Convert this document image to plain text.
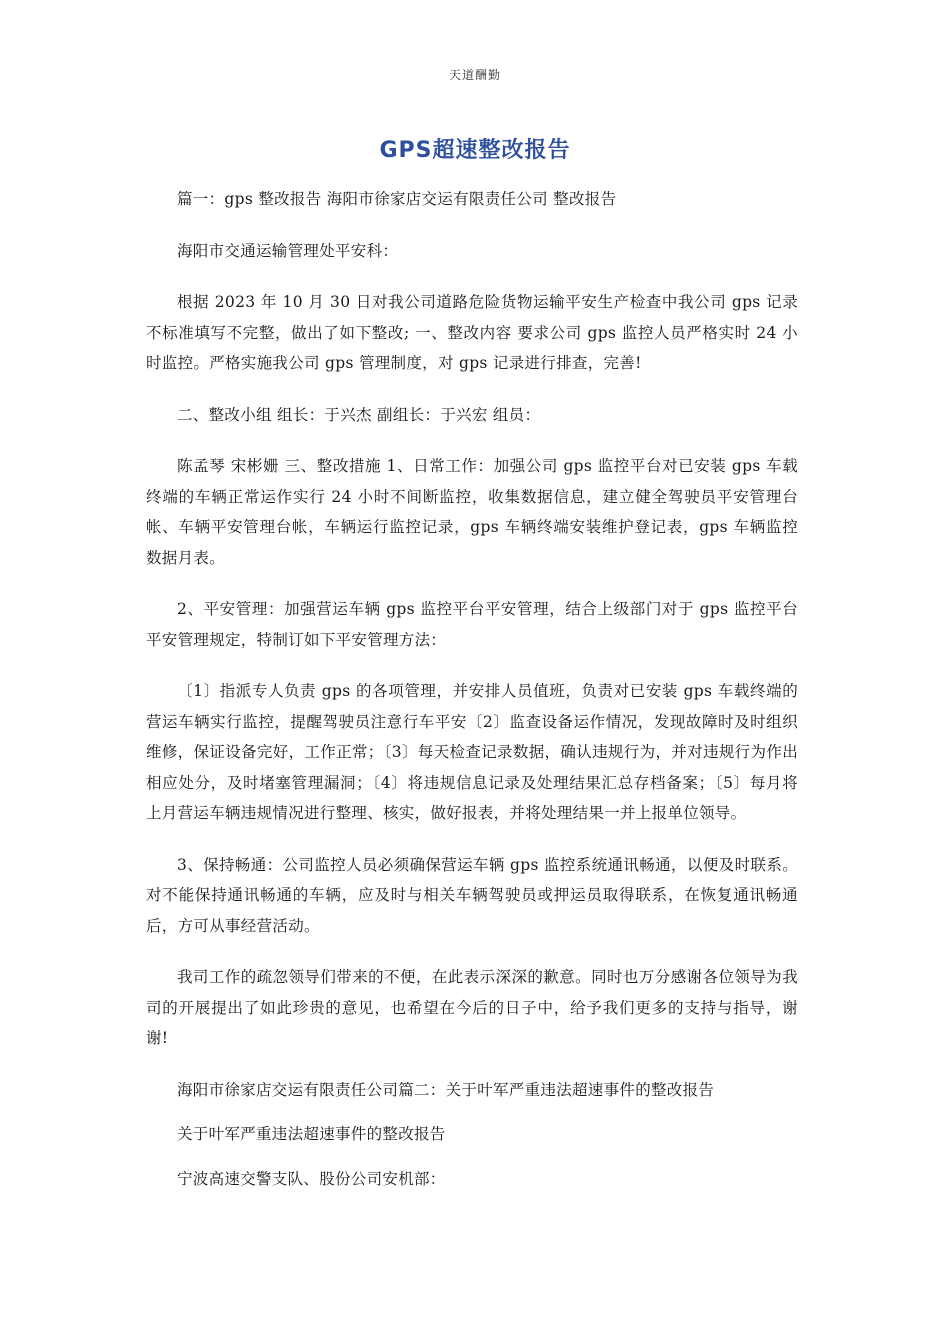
天道酬勤
GPS超速整改报告

篇一：gps 整改报告 海阳市徐家店交运有限责任公司 整改报告

海阳市交通运输管理处平安科：

根据 2023 年 10 月 30 日对我公司道路危险货物运输平安生产检查中我公司 gps 记录不标准填写不完整，做出了如下整改; 一、整改内容 要求公司 gps 监控人员严格实时 24 小时监控。严格实施我公司 gps 管理制度，对 gps 记录进行排查，完善!

二、整改小组 组长：于兴杰 副组长：于兴宏 组员：

陈孟琴 宋彬姗 三、整改措施 1、日常工作：加强公司 gps 监控平台对已安装 gps 车载终端的车辆正常运作实行 24 小时不间断监控，收集数据信息，建立健全驾驶员平安管理台帐、车辆平安管理台帐，车辆运行监控记录，gps 车辆终端安装维护登记表，gps 车辆监控数据月表。

2、平安管理：加强营运车辆 gps 监控平台平安管理，结合上级部门对于 gps 监控平台平安管理规定，特制订如下平安管理方法：

〔1〕指派专人负责 gps 的各项管理，并安排人员值班，负责对已安装 gps 车载终端的营运车辆实行监控，提醒驾驶员注意行车平安〔2〕监查设备运作情况，发现故障时及时组织维修，保证设备完好，工作正常；〔3〕每天检查记录数据，确认违规行为，并对违规行为作出相应处分，及时堵塞管理漏洞；〔4〕将违规信息记录及处理结果汇总存档备案；〔5〕每月将上月营运车辆违规情况进行整理、核实，做好报表，并将处理结果一并上报单位领导。

3、保持畅通：公司监控人员必须确保营运车辆 gps 监控系统通讯畅通，以便及时联系。对不能保持通讯畅通的车辆，应及时与相关车辆驾驶员或押运员取得联系，在恢复通讯畅通后，方可从事经营活动。

我司工作的疏忽领导们带来的不便，在此表示深深的歉意。同时也万分感谢各位领导为我司的开展提出了如此珍贵的意见，也希望在今后的日子中，给予我们更多的支持与指导，谢谢!

海阳市徐家店交运有限责任公司篇二：关于叶军严重违法超速事件的整改报告

关于叶军严重违法超速事件的整改报告

宁波高速交警支队、股份公司安机部：
